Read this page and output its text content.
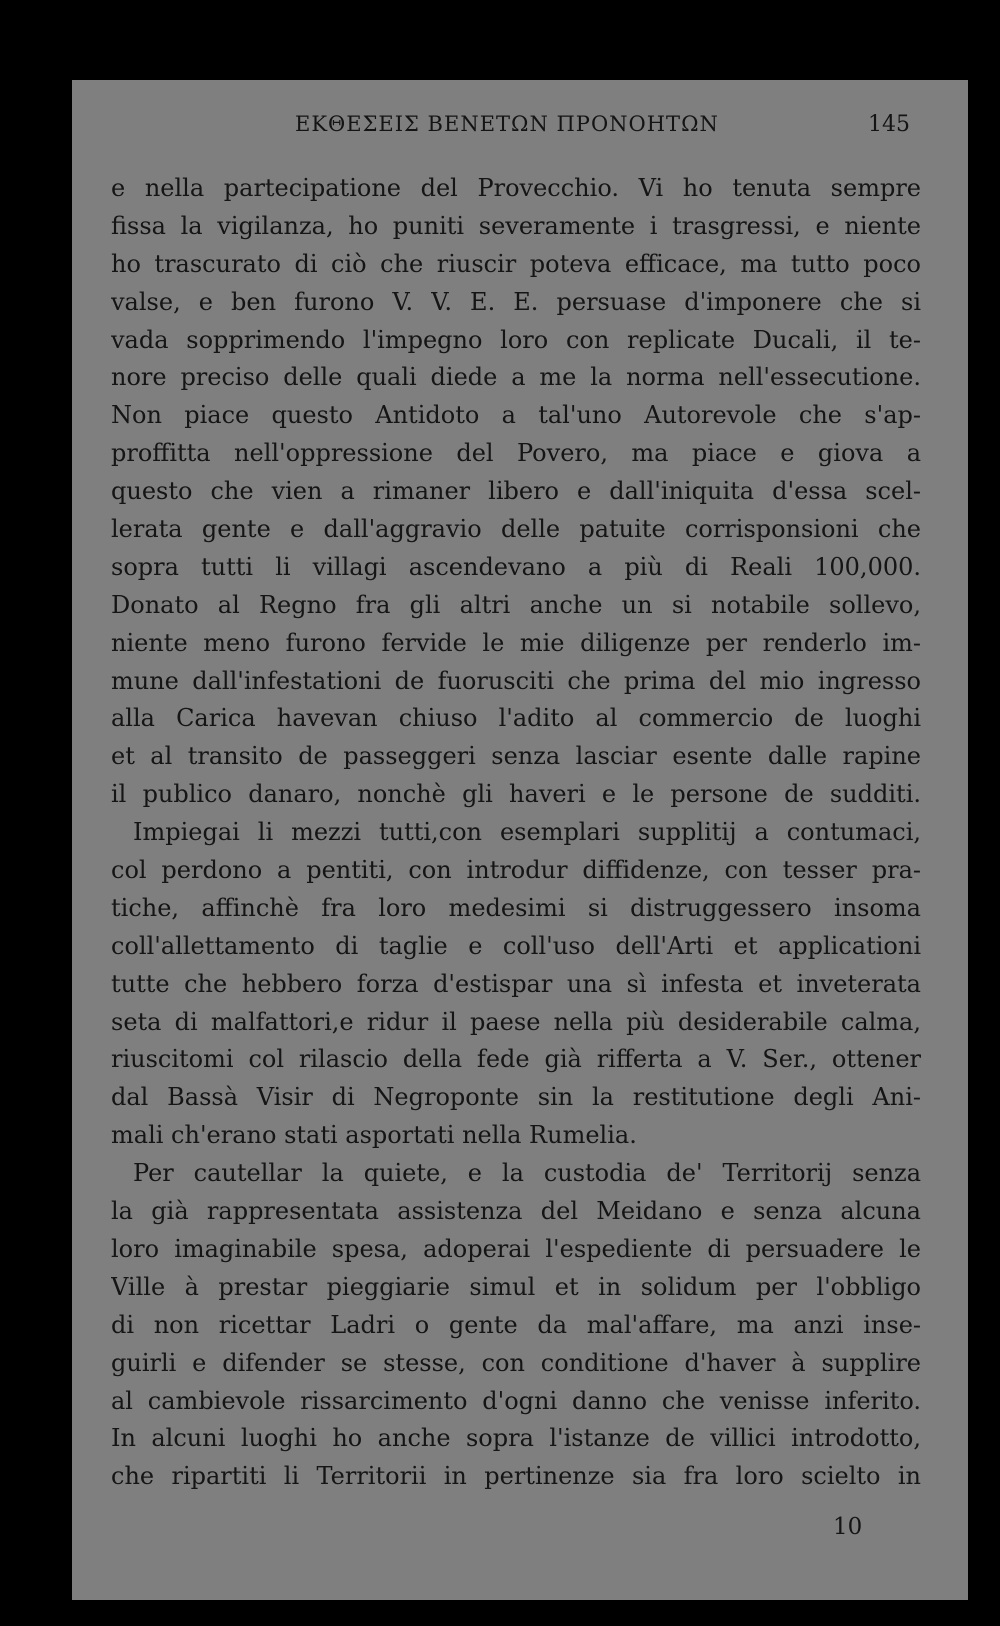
ΕΚΘΕΣΕΙΣ ΒΕΝΕΤΩΝ ΠΡΟΝΟΗΤΩΝ	145
e nella partecipatione del Provecchio. Vi ho tenuta sempre
fissa la vigilanza, ho puniti severamente i trasgressi, e niente
ho trascurato di ciò che riuscir poteva efficace, ma tutto poco
valse, e ben furono V. V. E. E. persuase d'imponere che si
vada sopprimendo l'impegno loro con replicate Ducali, il te-
nore preciso delle quali diede a me la norma nell'essecutione.
Non piace questo Antidoto a tal'uno Autorevole che s'ap-
proffitta nell'oppressione del Povero, ma piace e giova a
questo che vien a rimaner libero e dall'iniquita d'essa scel-
lerata gente e dall'aggravio delle patuite corrisponsioni che
sopra tutti li villagi ascendevano a più di Reali 100,000.
Donato al Regno fra gli altri anche un si notabile sollevo,
niente meno furono fervide le mie diligenze per renderlo im-
mune dall'infestationi de fuorusciti che prima del mio ingresso
alla Carica havevan chiuso l'adito al commercio de luoghi
et al transito de passeggeri senza lasciar esente dalle rapine
il publico danaro, nonchè gli haveri e le persone de sudditi.
Impiegai li mezzi tutti,con esemplari supplitij a contumaci,
col perdono a pentiti, con introdur diffidenze, con tesser pra-
tiche, affinchè fra loro medesimi si distruggessero insoma
coll'allettamento di taglie e coll'uso dell'Arti et applicationi
tutte che hebbero forza d'estispar una sì infesta et inveterata
seta di malfattori,e ridur il paese nella più desiderabile calma,
riuscitomi col rilascio della fede già rifferta a V. Ser., ottener
dal Bassà Visir di Negroponte sin la restitutione degli Ani-
mali ch'erano stati asportati nella Rumelia.
Per cautellar la quiete, e la custodia de' Territorij senza
la già rappresentata assistenza del Meidano e senza alcuna
loro imaginabile spesa, adoperai l'espediente di persuadere le
Ville à prestar pieggiarie simul et in solidum per l'obbligo
di non ricettar Ladri o gente da mal'affare, ma anzi inse-
guirli e difender se stesse, con conditione d'haver à supplire
al cambievole rissarcimento d'ogni danno che venisse inferito.
In alcuni luoghi ho anche sopra l'istanze de villici introdotto,
che ripartiti li Territorii in pertinenze sia fra loro scielto in
10
